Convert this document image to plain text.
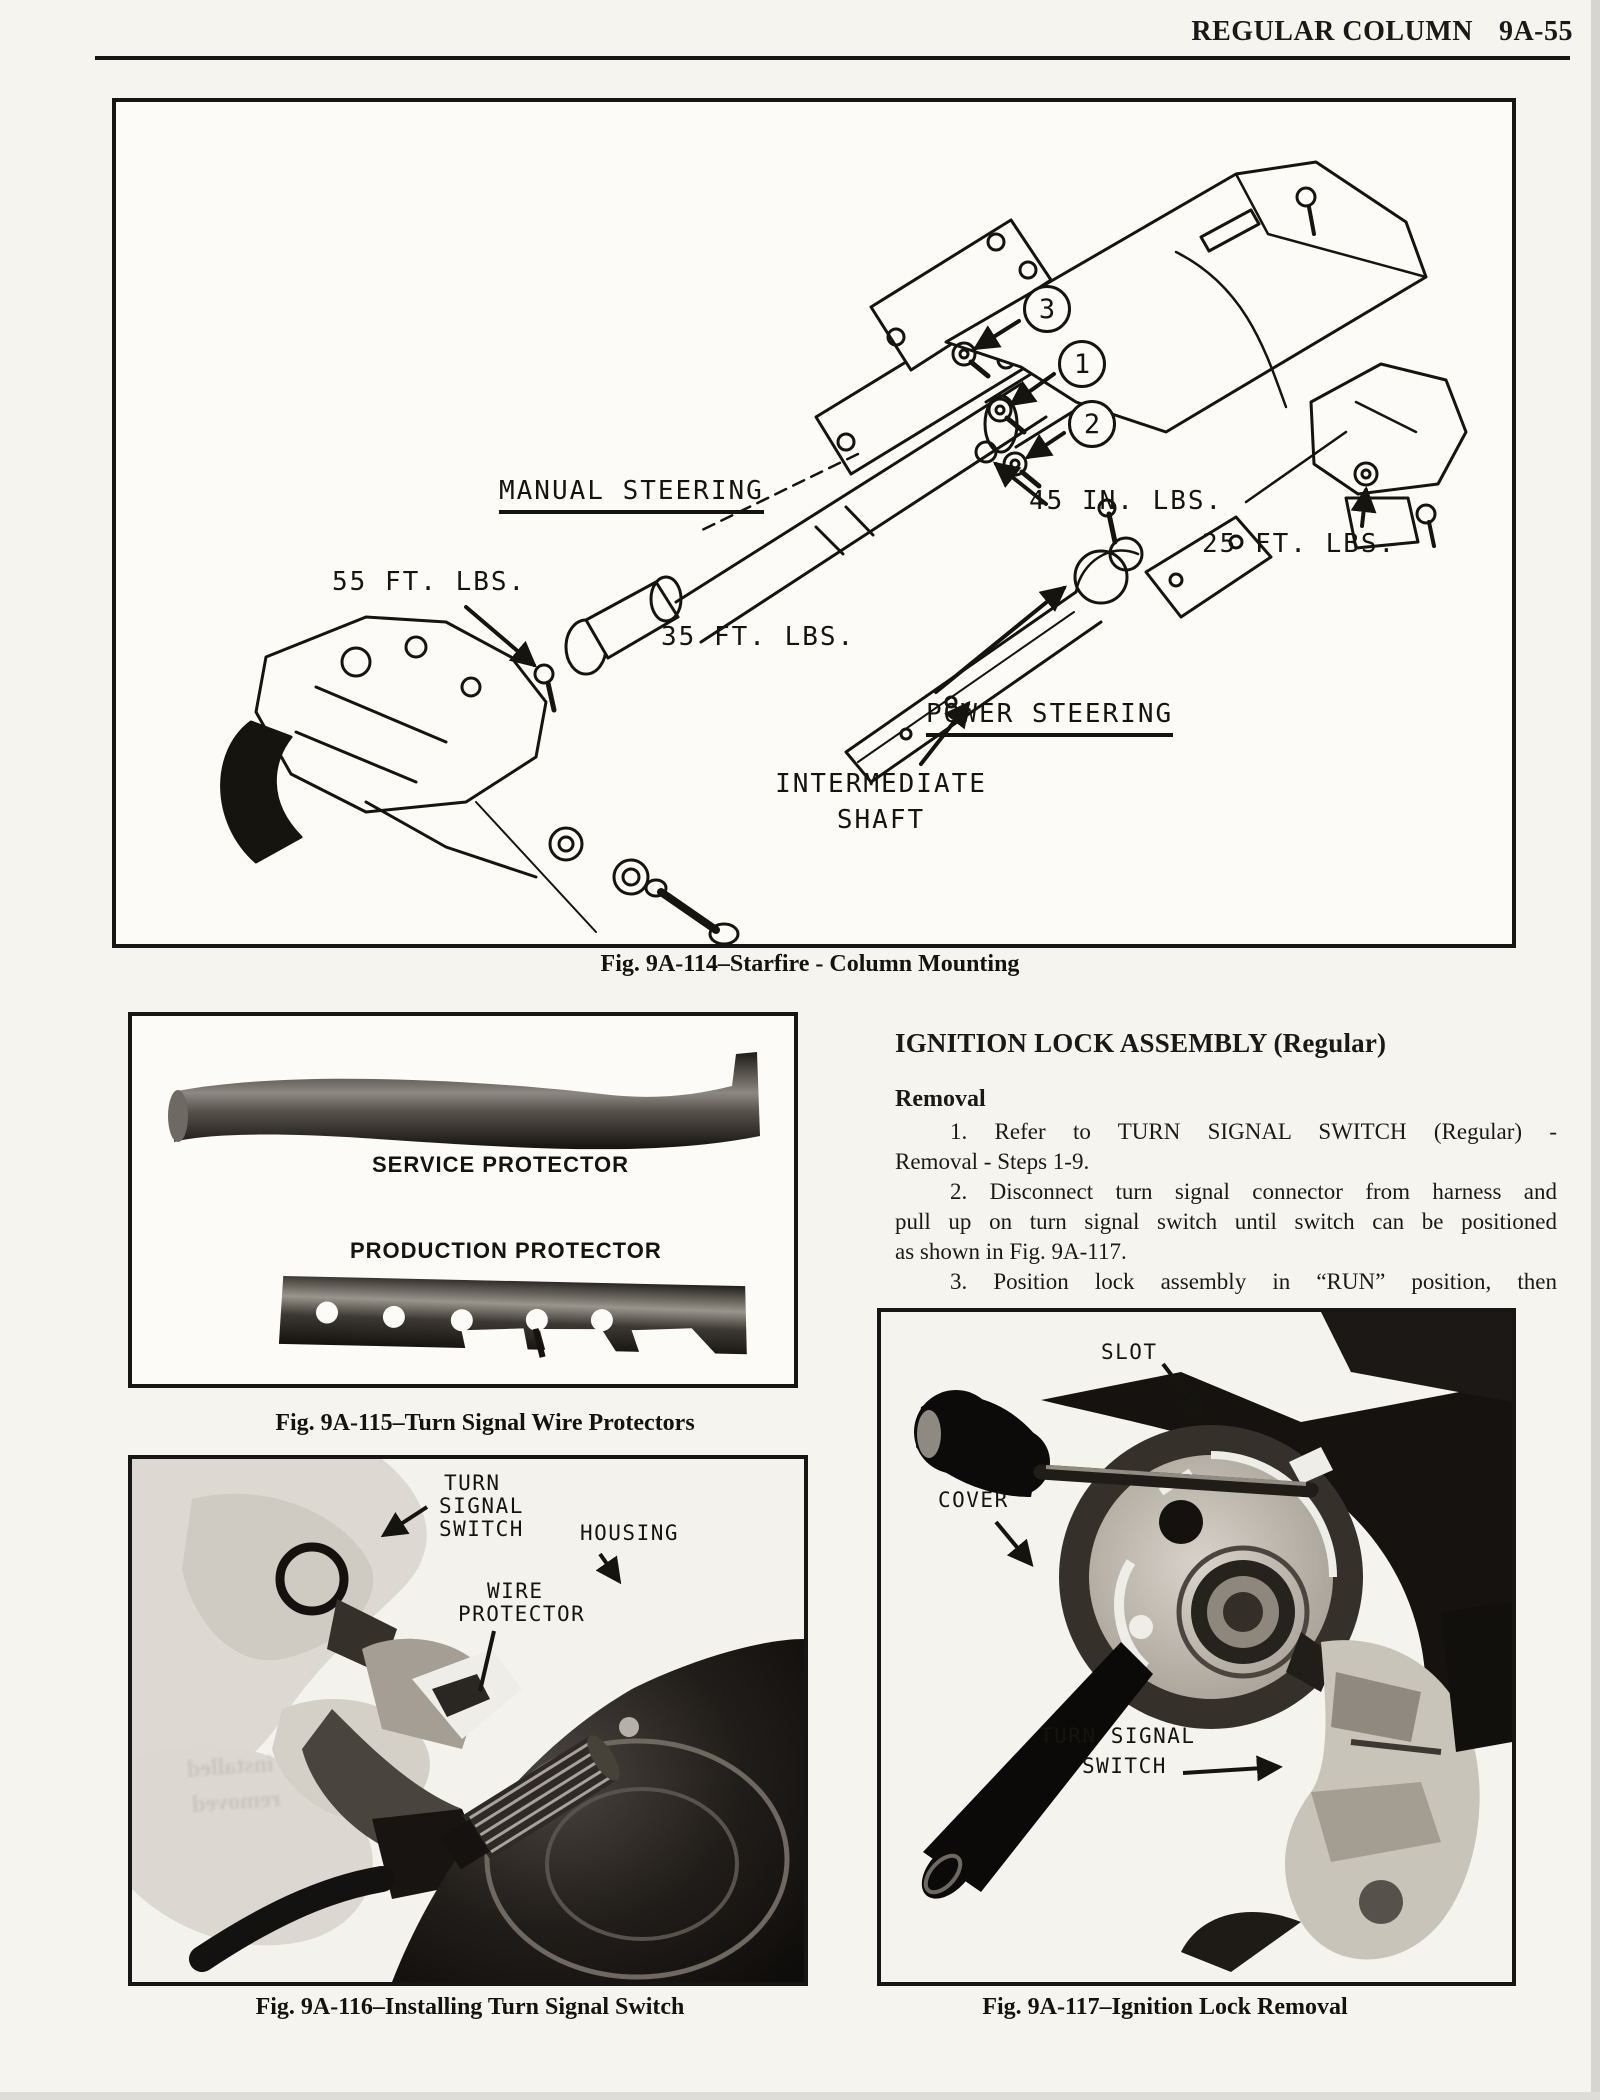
REGULAR COLUMN 9A-55
MANUAL STEERING
POWER STEERING
55 FT. LBS.
45 IN. LBS.
25 FT. LBS.
35 FT. LBS.
INTERMEDIATE
SHAFT
3
1
2
Fig. 9A-114–Starfire - Column Mounting
SERVICE PROTECTOR
PRODUCTION PROTECTOR
Fig. 9A-115–Turn Signal Wire Protectors
IGNITION LOCK ASSEMBLY (Regular)
Removal
1. Refer to TURN SIGNAL SWITCH (Regular) -
Removal - Steps 1-9.
2. Disconnect turn signal connector from harness and
pull up on turn signal switch until switch can be positioned
as shown in Fig. 9A-117.
3. Position lock assembly in “RUN” position, then
TURN
SIGNAL
SWITCH	HOUSING
WIRE
PROTECTOR
installed
removed
Fig. 9A-116–Installing Turn Signal Switch
SLOT
COVER
TURN SIGNAL
SWITCH
Fig. 9A-117–Ignition Lock Removal
